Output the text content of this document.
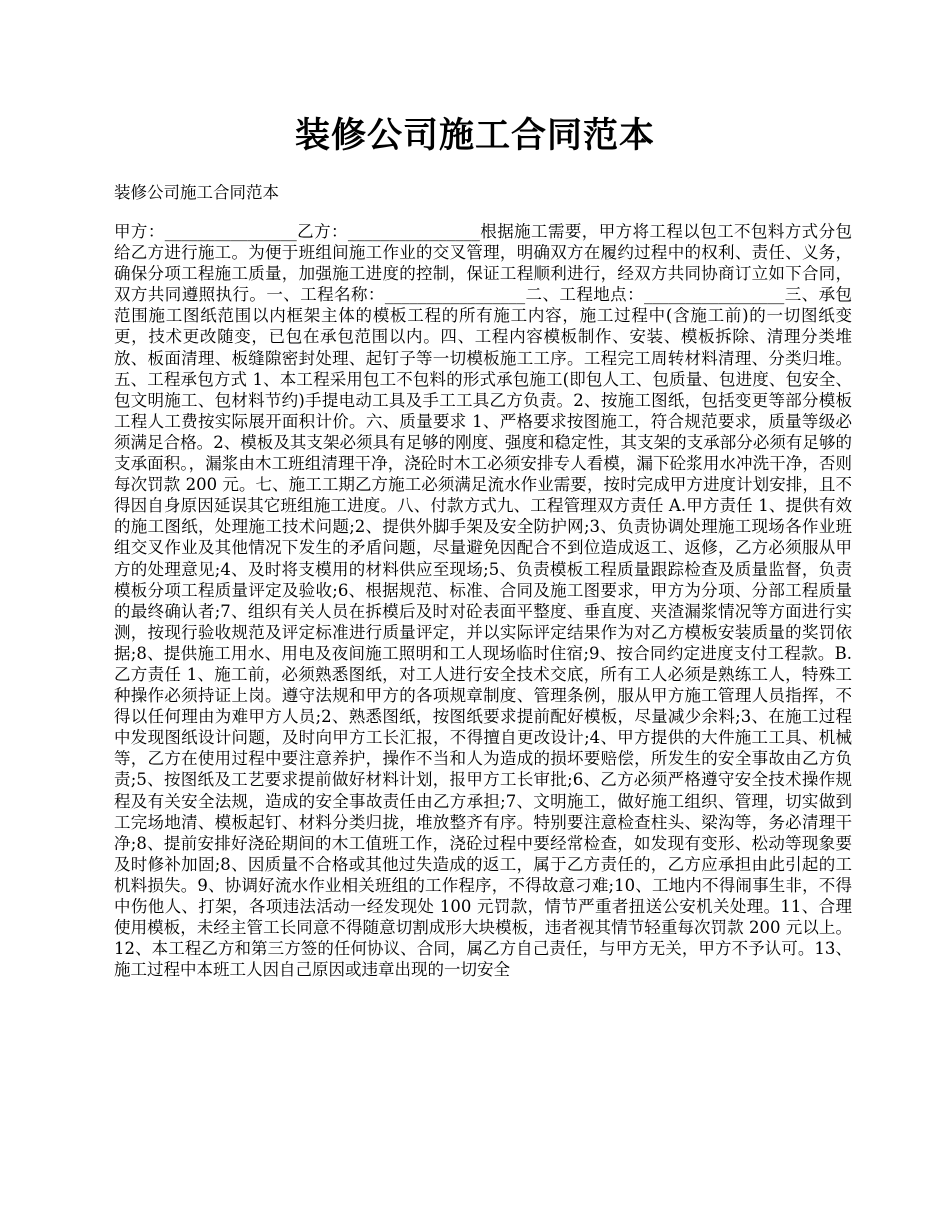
装修公司施工合同范本

装修公司施工合同范本

甲方：________________乙方：________________根据施工需要，甲方将工程以包工不包料方式分包给乙方进行施工。为便于班组间施工作业的交叉管理，明确双方在履约过程中的权利、责任、义务，确保分项工程施工质量，加强施工进度的控制，保证工程顺利进行，经双方共同协商订立如下合同，双方共同遵照执行。一、工程名称：_________________二、工程地点：_________________三、承包范围施工图纸范围以内框架主体的模板工程的所有施工内容，施工过程中(含施工前)的一切图纸变更，技术更改随变，已包在承包范围以内。四、工程内容模板制作、安装、模板拆除、清理分类堆放、板面清理、板缝隙密封处理、起钉子等一切模板施工工序。工程完工周转材料清理、分类归堆。五、工程承包方式 1、本工程采用包工不包料的形式承包施工(即包人工、包质量、包进度、包安全、包文明施工、包材料节约)手提电动工具及手工工具乙方负责。2、按施工图纸，包括变更等部分模板工程人工费按实际展开面积计价。六、质量要求 1、严格要求按图施工，符合规范要求，质量等级必须满足合格。2、模板及其支架必须具有足够的刚度、强度和稳定性，其支架的支承部分必须有足够的支承面积。，漏浆由木工班组清理干净，浇砼时木工必须安排专人看模，漏下砼浆用水冲洗干净，否则每次罚款 200 元。七、施工工期乙方施工必须满足流水作业需要，按时完成甲方进度计划安排，且不得因自身原因延误其它班组施工进度。八、付款方式九、工程管理双方责任 A.甲方责任 1、提供有效的施工图纸，处理施工技术问题;2、提供外脚手架及安全防护网;3、负责协调处理施工现场各作业班组交叉作业及其他情况下发生的矛盾问题，尽量避免因配合不到位造成返工、返修，乙方必须服从甲方的处理意见;4、及时将支模用的材料供应至现场;5、负责模板工程质量跟踪检查及质量监督，负责模板分项工程质量评定及验收;6、根据规范、标准、合同及施工图要求，甲方为分项、分部工程质量的最终确认者;7、组织有关人员在拆模后及时对砼表面平整度、垂直度、夹渣漏浆情况等方面进行实测，按现行验收规范及评定标准进行质量评定，并以实际评定结果作为对乙方模板安装质量的奖罚依据;8、提供施工用水、用电及夜间施工照明和工人现场临时住宿;9、按合同约定进度支付工程款。B.乙方责任 1、施工前，必须熟悉图纸，对工人进行安全技术交底，所有工人必须是熟练工人，特殊工种操作必须持证上岗。遵守法规和甲方的各项规章制度、管理条例，服从甲方施工管理人员指挥，不得以任何理由为难甲方人员;2、熟悉图纸，按图纸要求提前配好模板，尽量减少余料;3、在施工过程中发现图纸设计问题，及时向甲方工长汇报，不得擅自更改设计;4、甲方提供的大件施工工具、机械等，乙方在使用过程中要注意养护，操作不当和人为造成的损坏要赔偿，所发生的安全事故由乙方负责;5、按图纸及工艺要求提前做好材料计划，报甲方工长审批;6、乙方必须严格遵守安全技术操作规程及有关安全法规，造成的安全事故责任由乙方承担;7、文明施工，做好施工组织、管理，切实做到工完场地清、模板起钉、材料分类归拢，堆放整齐有序。特别要注意检查柱头、梁沟等，务必清理干净;8、提前安排好浇砼期间的木工值班工作，浇砼过程中要经常检查，如发现有变形、松动等现象要及时修补加固;8、因质量不合格或其他过失造成的返工，属于乙方责任的，乙方应承担由此引起的工机料损失。9、协调好流水作业相关班组的工作程序，不得故意刁难;10、工地内不得闹事生非，不得中伤他人、打架，各项违法活动一经发现处 100 元罚款，情节严重者扭送公安机关处理。11、合理使用模板，未经主管工长同意不得随意切割成形大块模板，违者视其情节轻重每次罚款 200 元以上。12、本工程乙方和第三方签的任何协议、合同，属乙方自己责任，与甲方无关，甲方不予认可。13、施工过程中本班工人因自己原因或违章出现的一切安全
